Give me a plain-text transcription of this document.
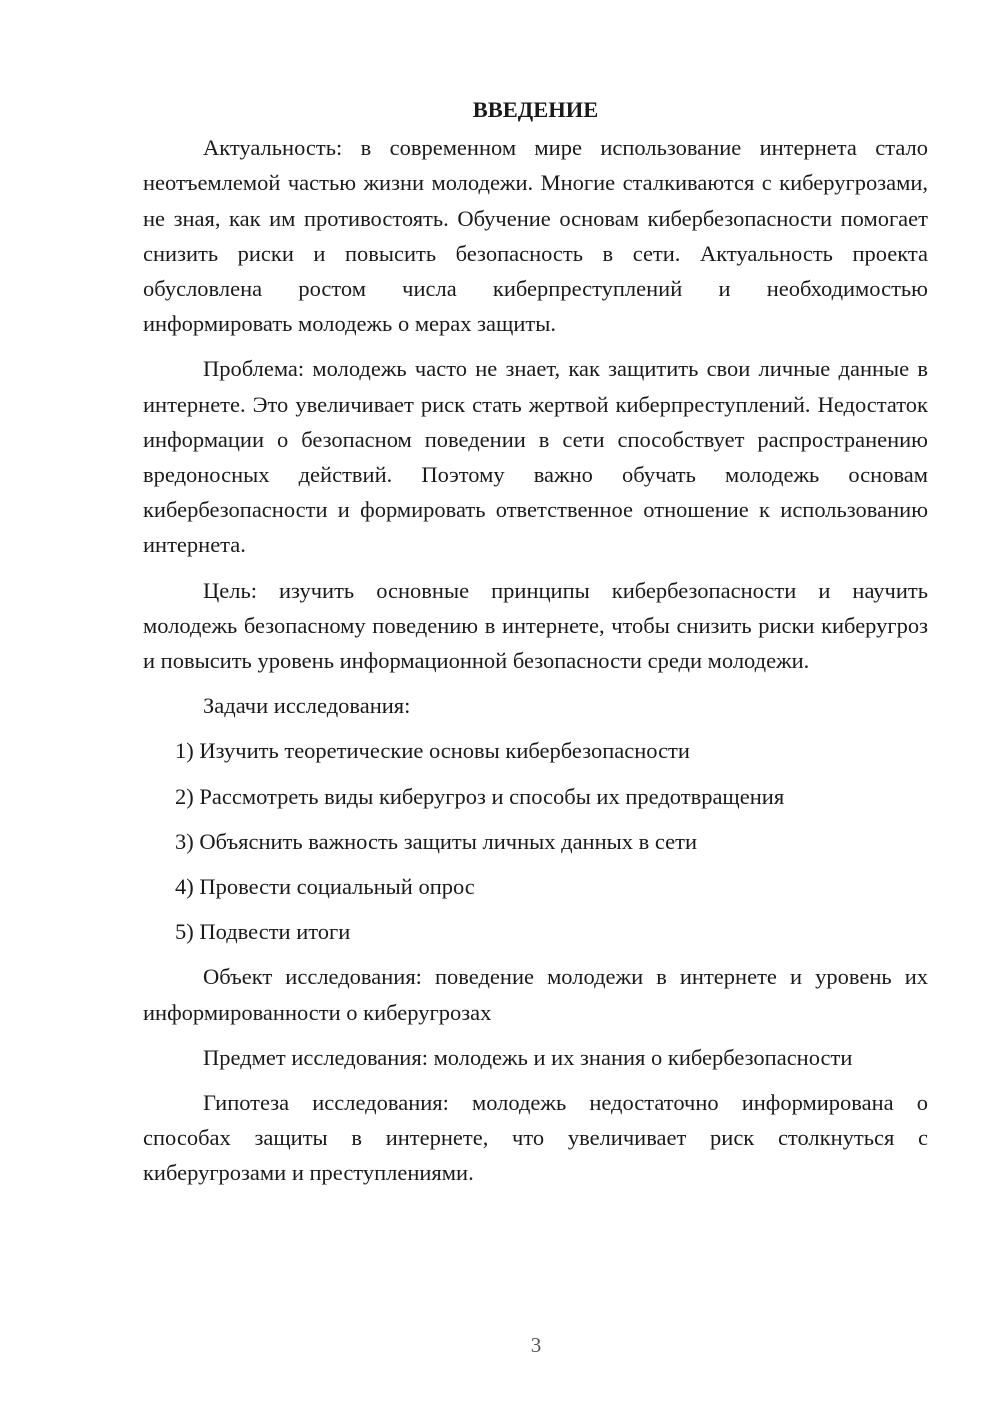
ВВЕДЕНИЕ

Актуальность: в современном мире использование интернета стало неотъемлемой частью жизни молодежи. Многие сталкиваются с киберугрозами, не зная, как им противостоять. Обучение основам кибербезопасности помогает снизить риски и повысить безопасность в сети. Актуальность проекта обусловлена ростом числа киберпреступлений и необходимостью информировать молодежь о мерах защиты.

Проблема: молодежь часто не знает, как защитить свои личные данные в интернете. Это увеличивает риск стать жертвой киберпреступлений. Недостаток информации о безопасном поведении в сети способствует распространению вредоносных действий. Поэтому важно обучать молодежь основам кибербезопасности и формировать ответственное отношение к использованию интернета.

Цель: изучить основные принципы кибербезопасности и научить молодежь безопасному поведению в интернете, чтобы снизить риски киберугроз и повысить уровень информационной безопасности среди молодежи.

Задачи исследования:

1) Изучить теоретические основы кибербезопасности
2) Рассмотреть виды киберугроз и способы их предотвращения
3) Объяснить важность защиты личных данных в сети
4) Провести социальный опрос
5) Подвести итоги

Объект исследования: поведение молодежи в интернете и уровень их информированности о киберугрозах

Предмет исследования: молодежь и их знания о кибербезопасности

Гипотеза исследования: молодежь недостаточно информирована о способах защиты в интернете, что увеличивает риск столкнуться с киберугрозами и преступлениями.

3
